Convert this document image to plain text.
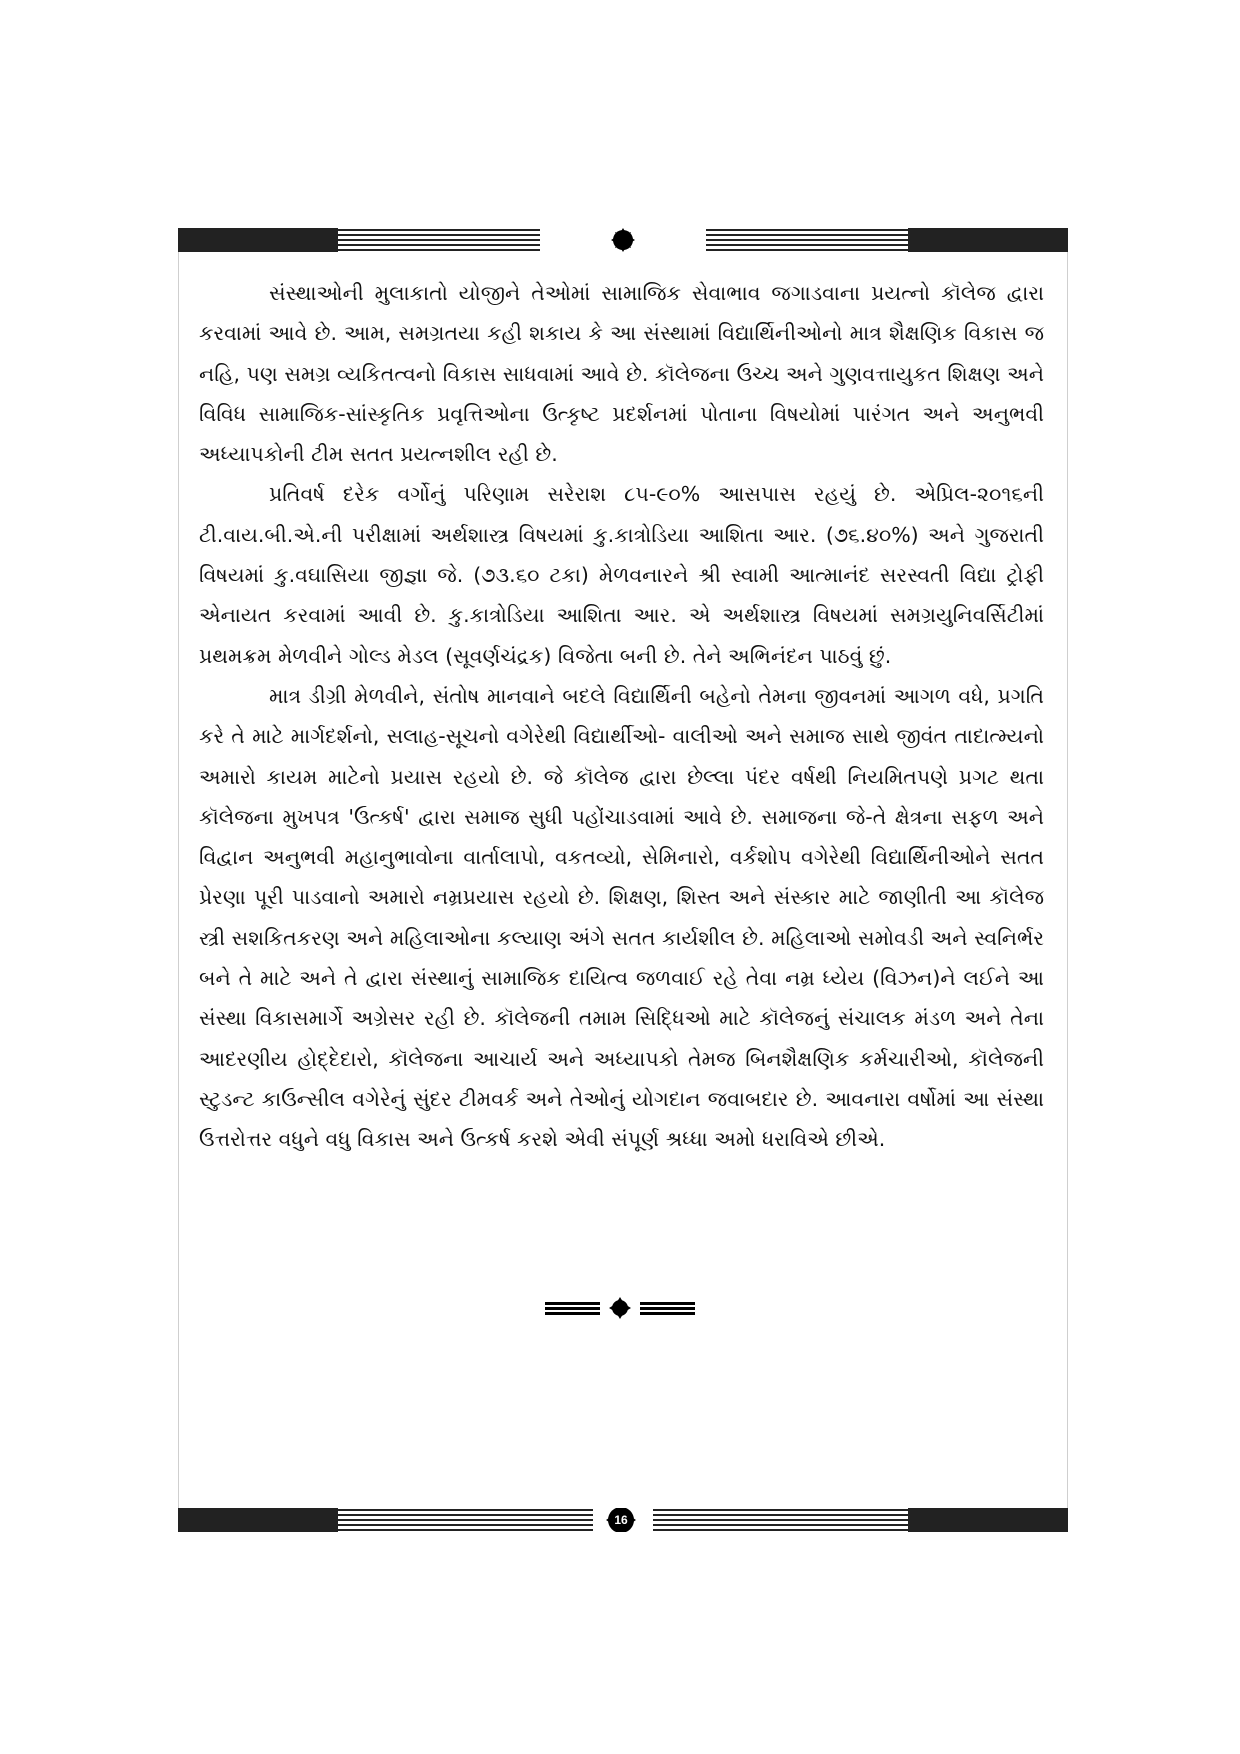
સંસ્થાઓની મુલાકાતો યોજીને તેઓમાં સામાજિક સેવાભાવ જગાડવાના પ્રયત્નો કૉલેજ દ્વારા કરવામાં આવે છે. આમ, સમગ્રતયા કહી શકાય કે આ સંસ્થામાં વિદ્યાર્થિનીઓનો માત્ર શૈક્ષણિક વિકાસ જ નહિ, પણ સમગ્ર વ્યકિતત્વનો વિકાસ સાધવામાં આવે છે. કૉલેજના ઉચ્ચ અને ગુણવત્તાયુકત શિક્ષણ અને વિવિધ સામાજિક-સાંસ્કૃતિક પ્રવૃત્તિઓના ઉત્કૃષ્ટ પ્રદર્શનમાં પોતાના વિષયોમાં પારંગત અને અનુભવી અધ્યાપકોની ટીમ સતત પ્રયત્નશીલ રહી છે.

પ્રતિવર્ષ દરેક વર્ગોનું પરિણામ સરેરાશ ૮૫-૯૦% આસપાસ રહયું છે. એપ્રિલ-૨૦૧૬ની ટી.વાય.બી.એ.ની પરીક્ષામાં અર્થશાસ્ત્ર વિષયમાં કુ.કાત્રોડિયા આશિતા આર. (૭૬.૪૦%) અને ગુજરાતી વિષયમાં કુ.વઘાસિયા જીજ્ઞા જે. (૭૩.૬૦ ટકા) મેળવનારને શ્રી સ્વામી આત્માનંદ સરસ્વતી વિદ્યા ટ્રોફી એનાયત કરવામાં આવી છે. કુ.કાત્રોડિયા આશિતા આર. એ અર્થશાસ્ત્ર વિષયમાં સમગ્રયુનિવર્સિટીમાં પ્રથમક્રમ મેળવીને ગોલ્ડ મેડલ (સૂવર્ણચંદ્રક) વિજેતા બની છે. તેને અભિનંદન પાઠવું છું.

માત્ર ડીગ્રી મેળવીને, સંતોષ માનવાને બદલે વિદ્યાર્થિની બહેનો તેમના જીવનમાં આગળ વધે, પ્રગતિ કરે તે માટે માર્ગદર્શનો, સલાહ-સૂચનો વગેરેથી વિદ્યાર્થીઓ- વાલીઓ અને સમાજ સાથે જીવંત તાદાત્મ્યનો અમારો કાયમ માટેનો પ્રયાસ રહયો છે. જે કૉલેજ દ્વારા છેલ્લા પંદર વર્ષથી નિયમિતપણે પ્રગટ થતા કૉલેજના મુખપત્ર 'ઉત્કર્ષ' દ્વારા સમાજ સુધી પહોંચાડવામાં આવે છે. સમાજના જે-તે ક્ષેત્રના સફળ અને વિદ્વાન અનુભવી મહાનુભાવોના વાર્તાલાપો, વકતવ્યો, સેમિનારો, વર્કશોપ વગેરેથી વિદ્યાર્થિનીઓને સતત પ્રેરણા પૂરી પાડવાનો અમારો નમ્રપ્રયાસ રહયો છે. શિક્ષણ, શિસ્ત અને સંસ્કાર માટે જાણીતી આ કૉલેજ સ્ત્રી સશકિતકરણ અને મહિલાઓના કલ્યાણ અંગે સતત કાર્યશીલ છે. મહિલાઓ સમોવડી અને સ્વનિર્ભર બને તે માટે અને તે દ્વારા સંસ્થાનું સામાજિક દાયિત્વ જળવાઈ રહે તેવા નમ્ર ધ્યેય (વિઝન)ને લઈને આ સંસ્થા વિકાસમાર્ગે અગ્રેસર રહી છે. કૉલેજની તમામ સિદ્ધિઓ માટે કૉલેજનું સંચાલક મંડળ અને તેના આદરણીય હોદ્દેદારો, કૉલેજના આચાર્ય અને અધ્યાપકો તેમજ બિનશૈક્ષણિક કર્મચારીઓ, કૉલેજની સ્ટુડન્ટ કાઉન્સીલ વગેરેનું સુંદર ટીમવર્ક અને તેઓનું યોગદાન જવાબદાર છે. આવનારા વર્ષોમાં આ સંસ્થા ઉત્તરોત્તર વધુને વધુ વિકાસ અને ઉત્કર્ષ કરશે એવી સંપૂર્ણ શ્રધ્ધા અમો ધરાવિએ છીએ.

16
